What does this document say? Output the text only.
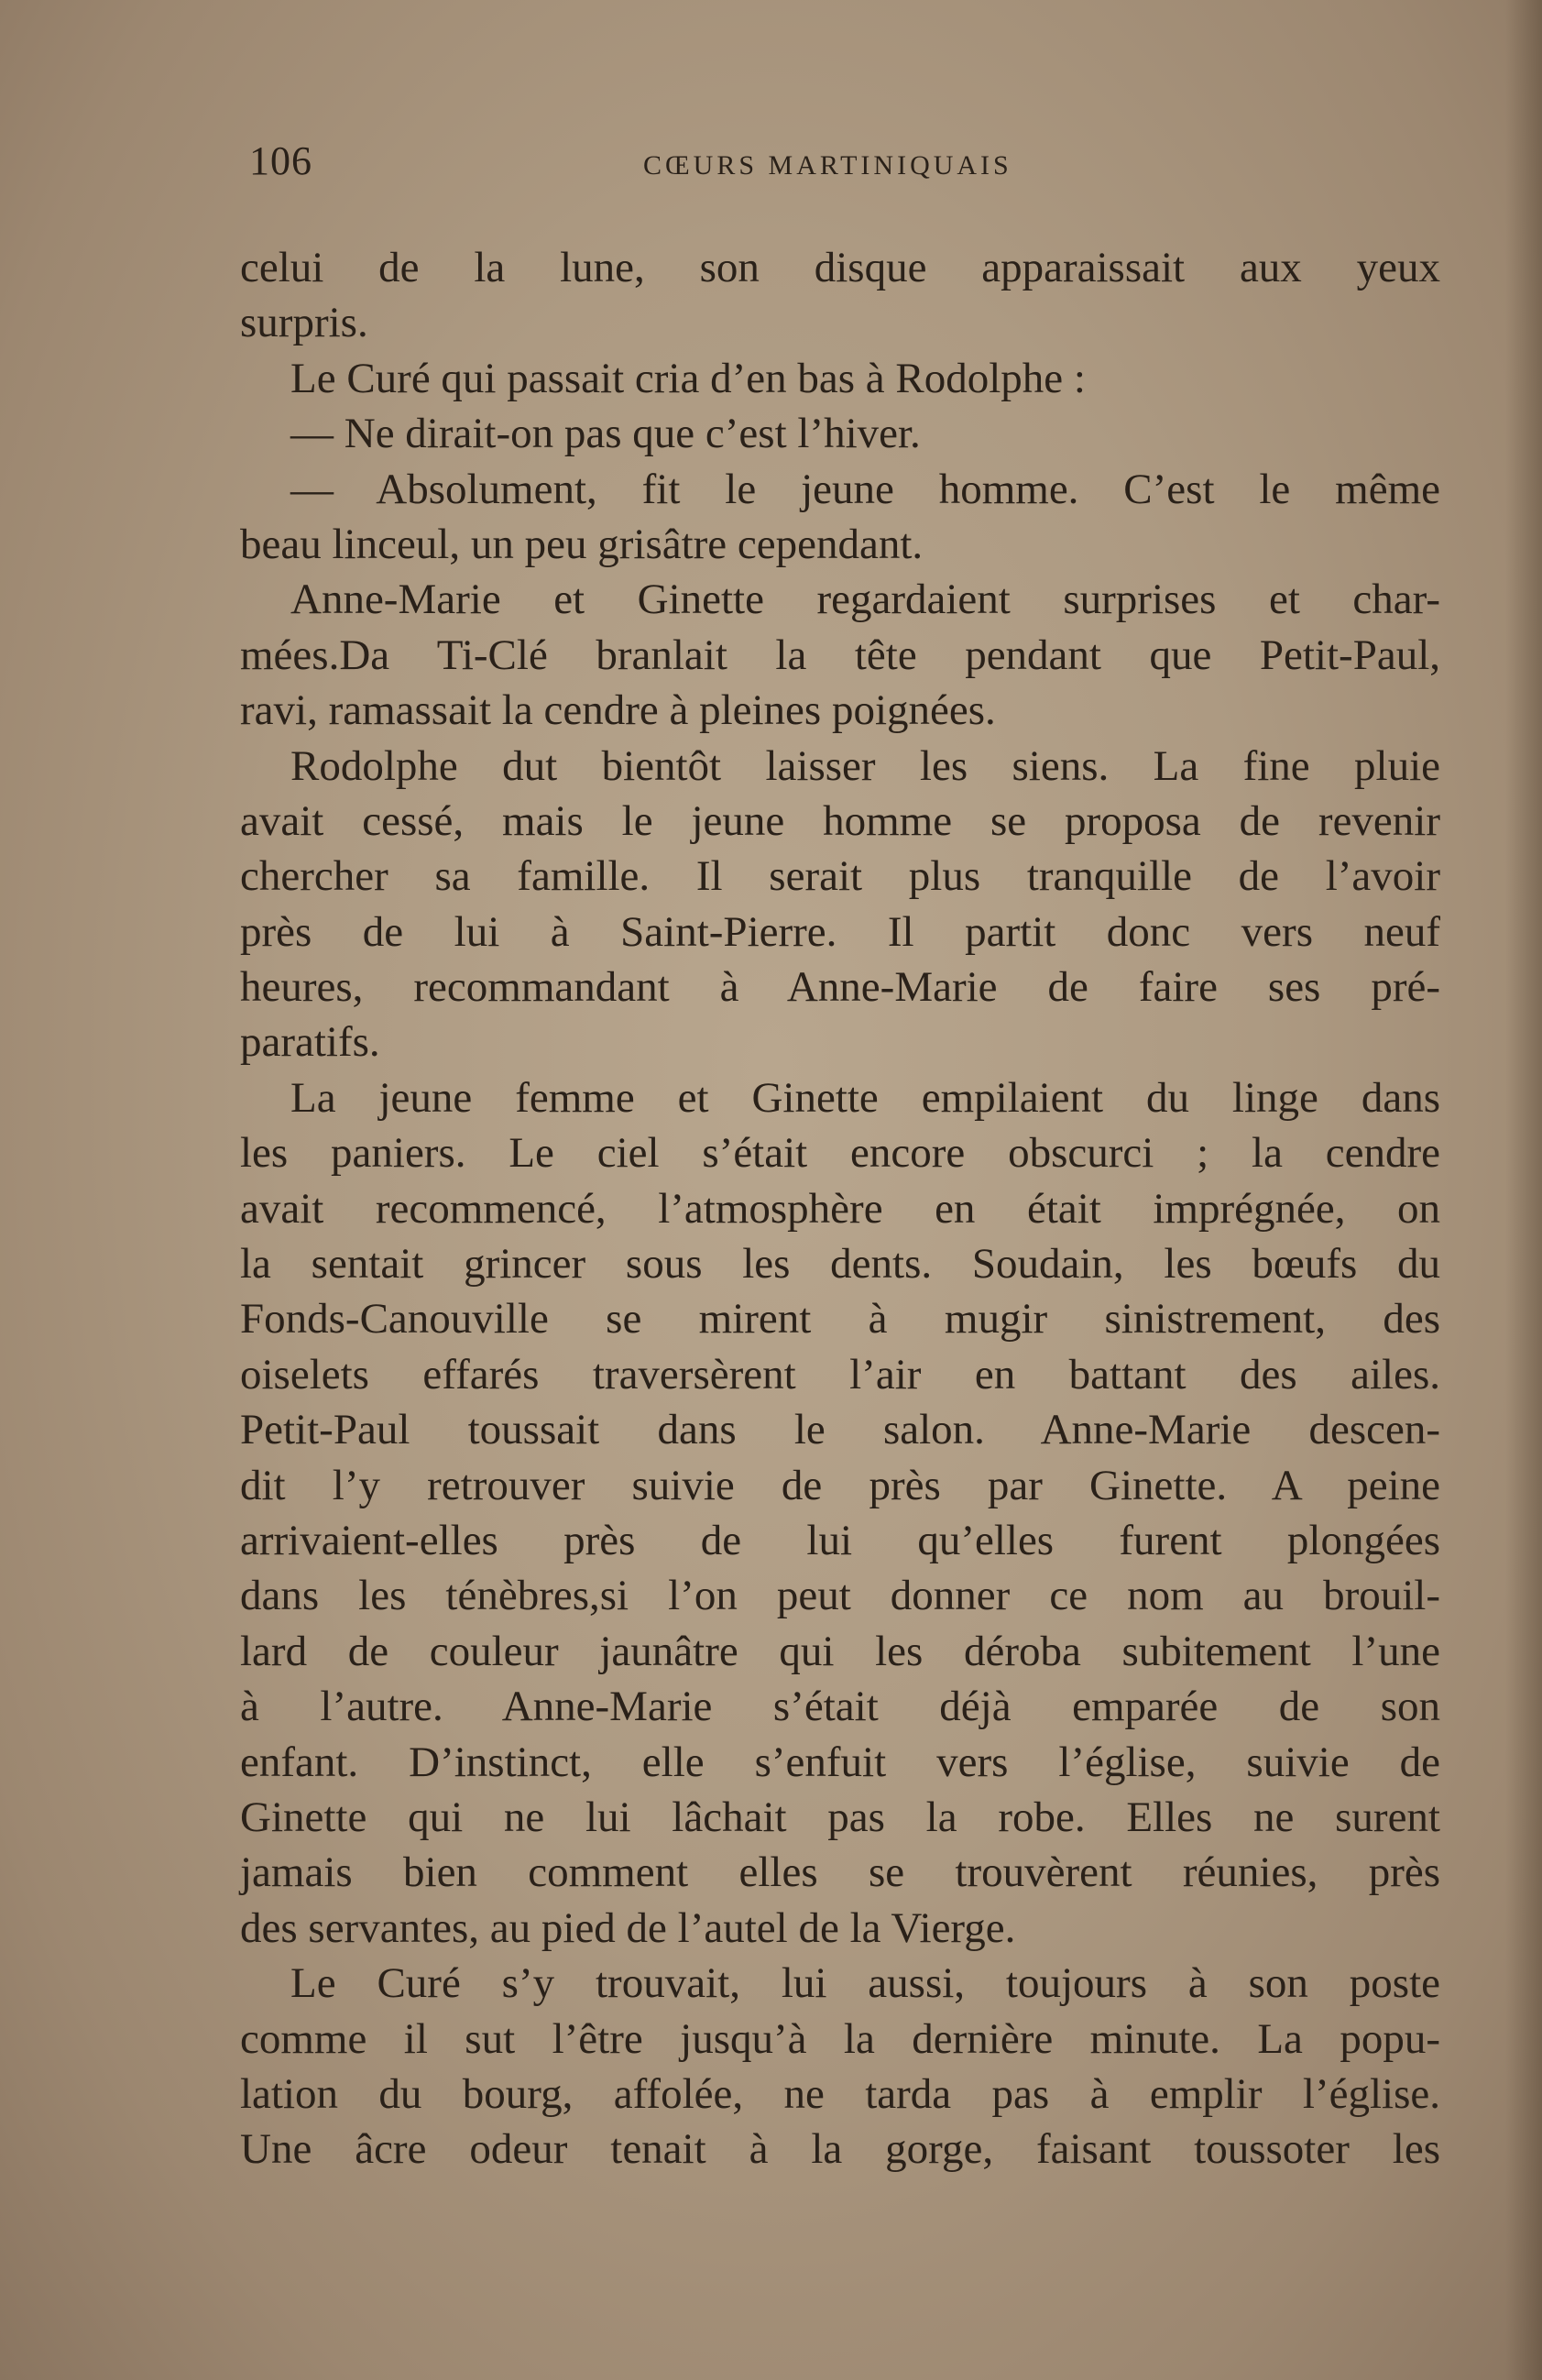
106	CŒURS MARTINIQUAIS
celui de la lune, son disque apparaissait aux yeux
surpris.
Le Curé qui passait cria d’en bas à Rodolphe :
— Ne dirait-on pas que c’est l’hiver.
— Absolument, fit le jeune homme. C’est le même
beau linceul, un peu grisâtre cependant.
Anne-Marie et Ginette regardaient surprises et char-
mées.Da Ti-Clé branlait la tête pendant que Petit-Paul,
ravi, ramassait la cendre à pleines poignées.
Rodolphe dut bientôt laisser les siens. La fine pluie
avait cessé, mais le jeune homme se proposa de revenir
chercher sa famille. Il serait plus tranquille de l’avoir
près de lui à Saint-Pierre. Il partit donc vers neuf
heures, recommandant à Anne-Marie de faire ses pré-
paratifs.
La jeune femme et Ginette empilaient du linge dans
les paniers. Le ciel s’était encore obscurci ; la cendre
avait recommencé, l’atmosphère en était imprégnée, on
la sentait grincer sous les dents. Soudain, les bœufs du
Fonds-Canouville se mirent à mugir sinistrement, des
oiselets effarés traversèrent l’air en battant des ailes.
Petit-Paul toussait dans le salon. Anne-Marie descen-
dit l’y retrouver suivie de près par Ginette. A peine
arrivaient-elles près de lui qu’elles furent plongées
dans les ténèbres,si l’on peut donner ce nom au brouil-
lard de couleur jaunâtre qui les déroba subitement l’une
à l’autre. Anne-Marie s’était déjà emparée de son
enfant. D’instinct, elle s’enfuit vers l’église, suivie de
Ginette qui ne lui lâchait pas la robe. Elles ne surent
jamais bien comment elles se trouvèrent réunies, près
des servantes, au pied de l’autel de la Vierge.
Le Curé s’y trouvait, lui aussi, toujours à son poste
comme il sut l’être jusqu’à la dernière minute. La popu-
lation du bourg, affolée, ne tarda pas à emplir l’église.
Une âcre odeur tenait à la gorge, faisant toussoter les
